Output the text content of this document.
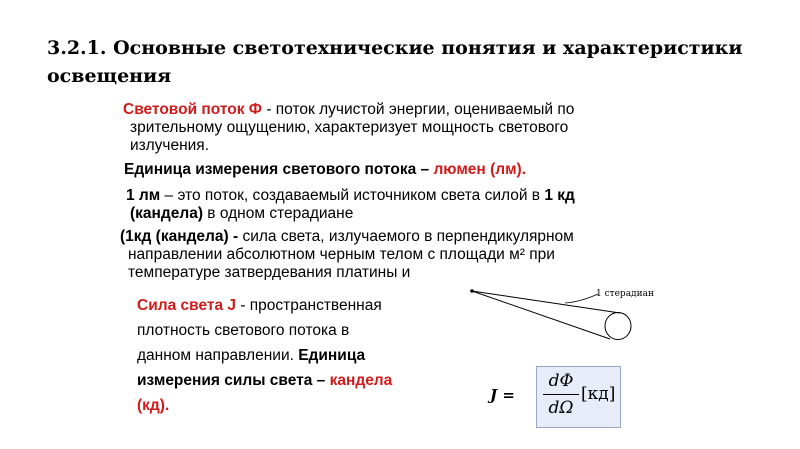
3.2.1. Основные светотехнические понятия и характеристики
освещения
Световой поток Ф - поток лучистой энергии, оцениваемый по
зрительному ощущению, характеризует мощность светового
излучения.
Единица измерения светового потока – люмен (лм).
1 лм – это поток, создаваемый источником света силой в 1 кд
(кандела) в одном стерадиане
(1кд (кандела) - сила света, излучаемого в перпендикулярном
направлении абсолютном черным телом с площади м² при
температуре затвердевания платины и
Сила света J - пространственная
плотность светового потока в
данном направлении. Единица
измерения силы света – кандела
(кд).
1 стерадиан
J =
dΦ
dΩ
[кд]
